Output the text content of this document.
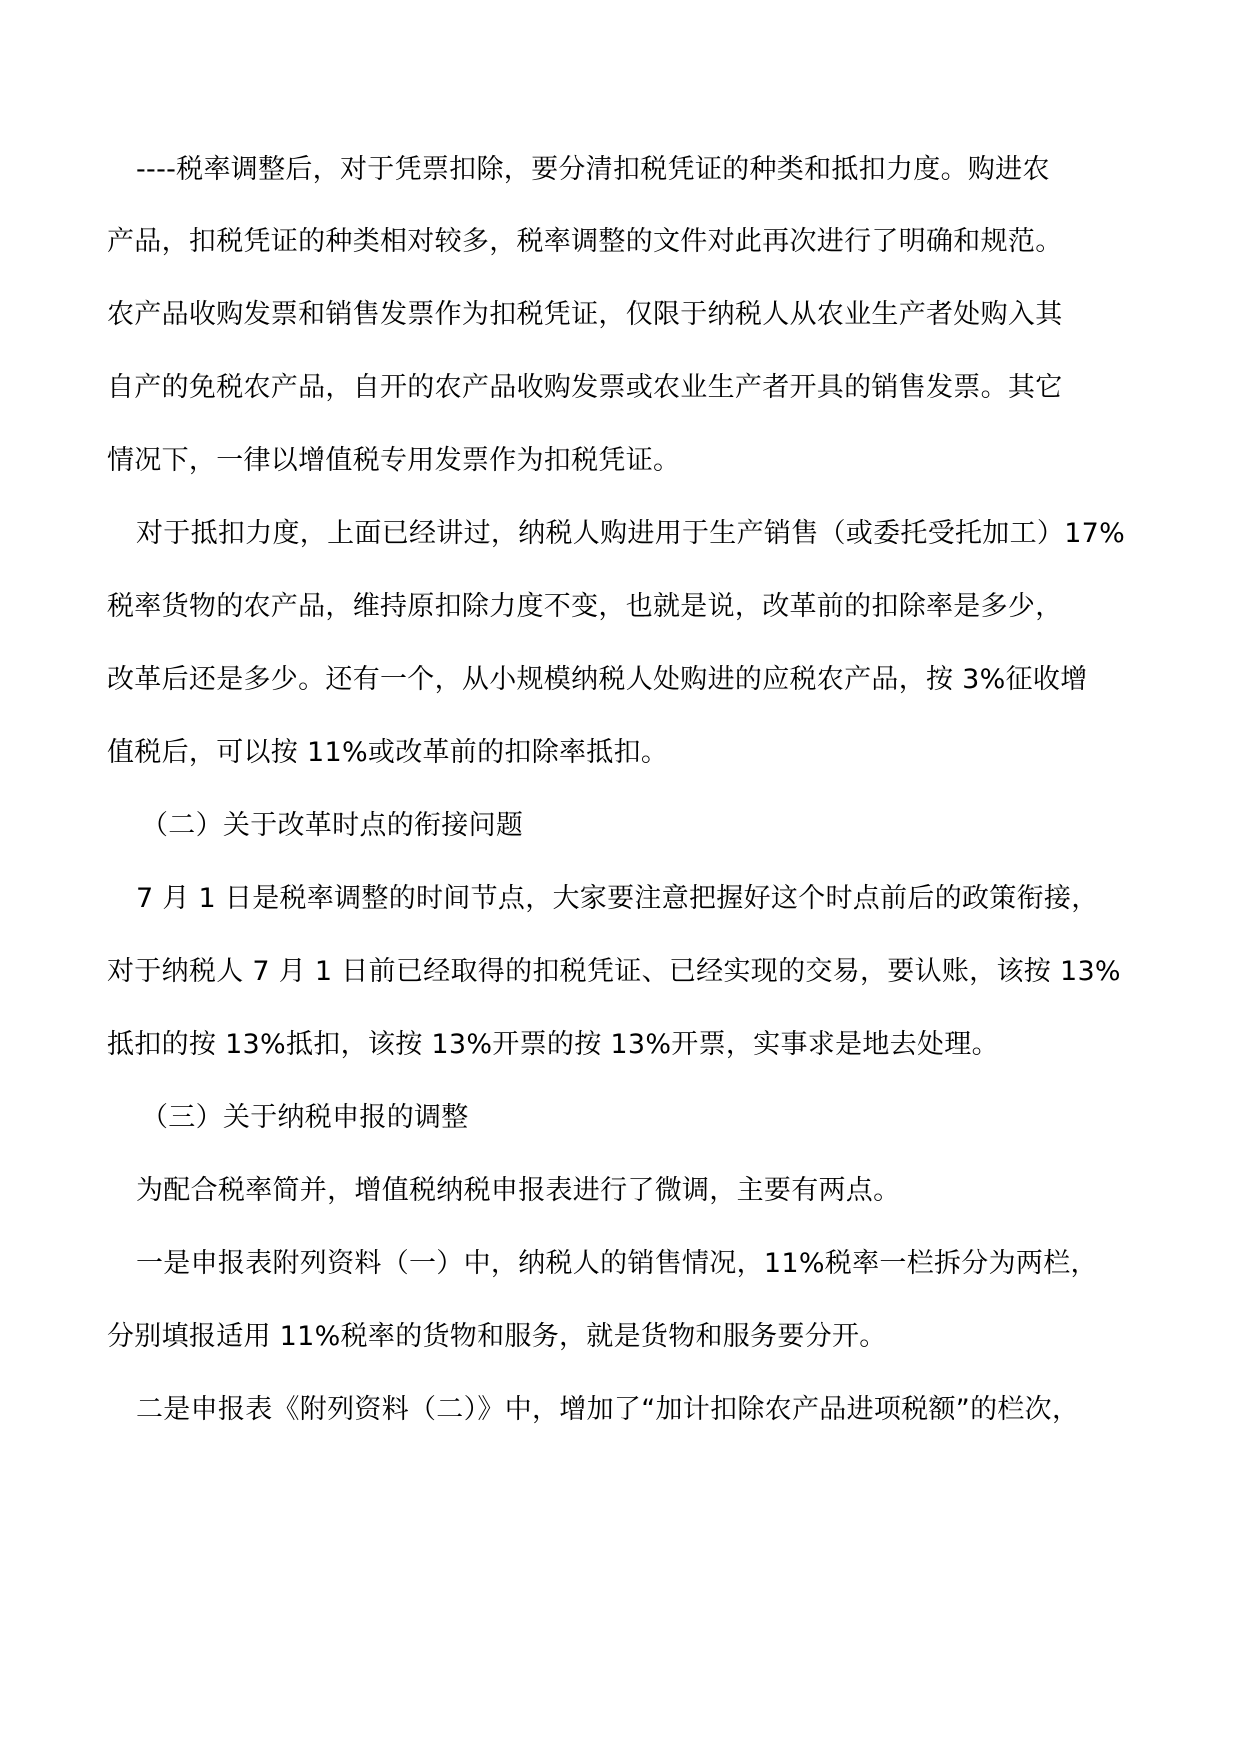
----税率调整后，对于凭票扣除，要分清扣税凭证的种类和抵扣力度。购进农
产品，扣税凭证的种类相对较多，税率调整的文件对此再次进行了明确和规范。
农产品收购发票和销售发票作为扣税凭证，仅限于纳税人从农业生产者处购入其
自产的免税农产品，自开的农产品收购发票或农业生产者开具的销售发票。其它
情况下，一律以增值税专用发票作为扣税凭证。
对于抵扣力度，上面已经讲过，纳税人购进用于生产销售（或委托受托加工）17%
税率货物的农产品，维持原扣除力度不变，也就是说，改革前的扣除率是多少，
改革后还是多少。还有一个，从小规模纳税人处购进的应税农产品，按 3%征收增
值税后，可以按 11%或改革前的扣除率抵扣。
（二）关于改革时点的衔接问题
7 月 1 日是税率调整的时间节点，大家要注意把握好这个时点前后的政策衔接，
对于纳税人 7 月 1 日前已经取得的扣税凭证、已经实现的交易，要认账，该按 13%
抵扣的按 13%抵扣，该按 13%开票的按 13%开票，实事求是地去处理。
（三）关于纳税申报的调整
为配合税率简并，增值税纳税申报表进行了微调，主要有两点。
一是申报表附列资料（一）中，纳税人的销售情况，11%税率一栏拆分为两栏，
分别填报适用 11%税率的货物和服务，就是货物和服务要分开。
二是申报表《附列资料（二）》中，增加了“加计扣除农产品进项税额”的栏次，
